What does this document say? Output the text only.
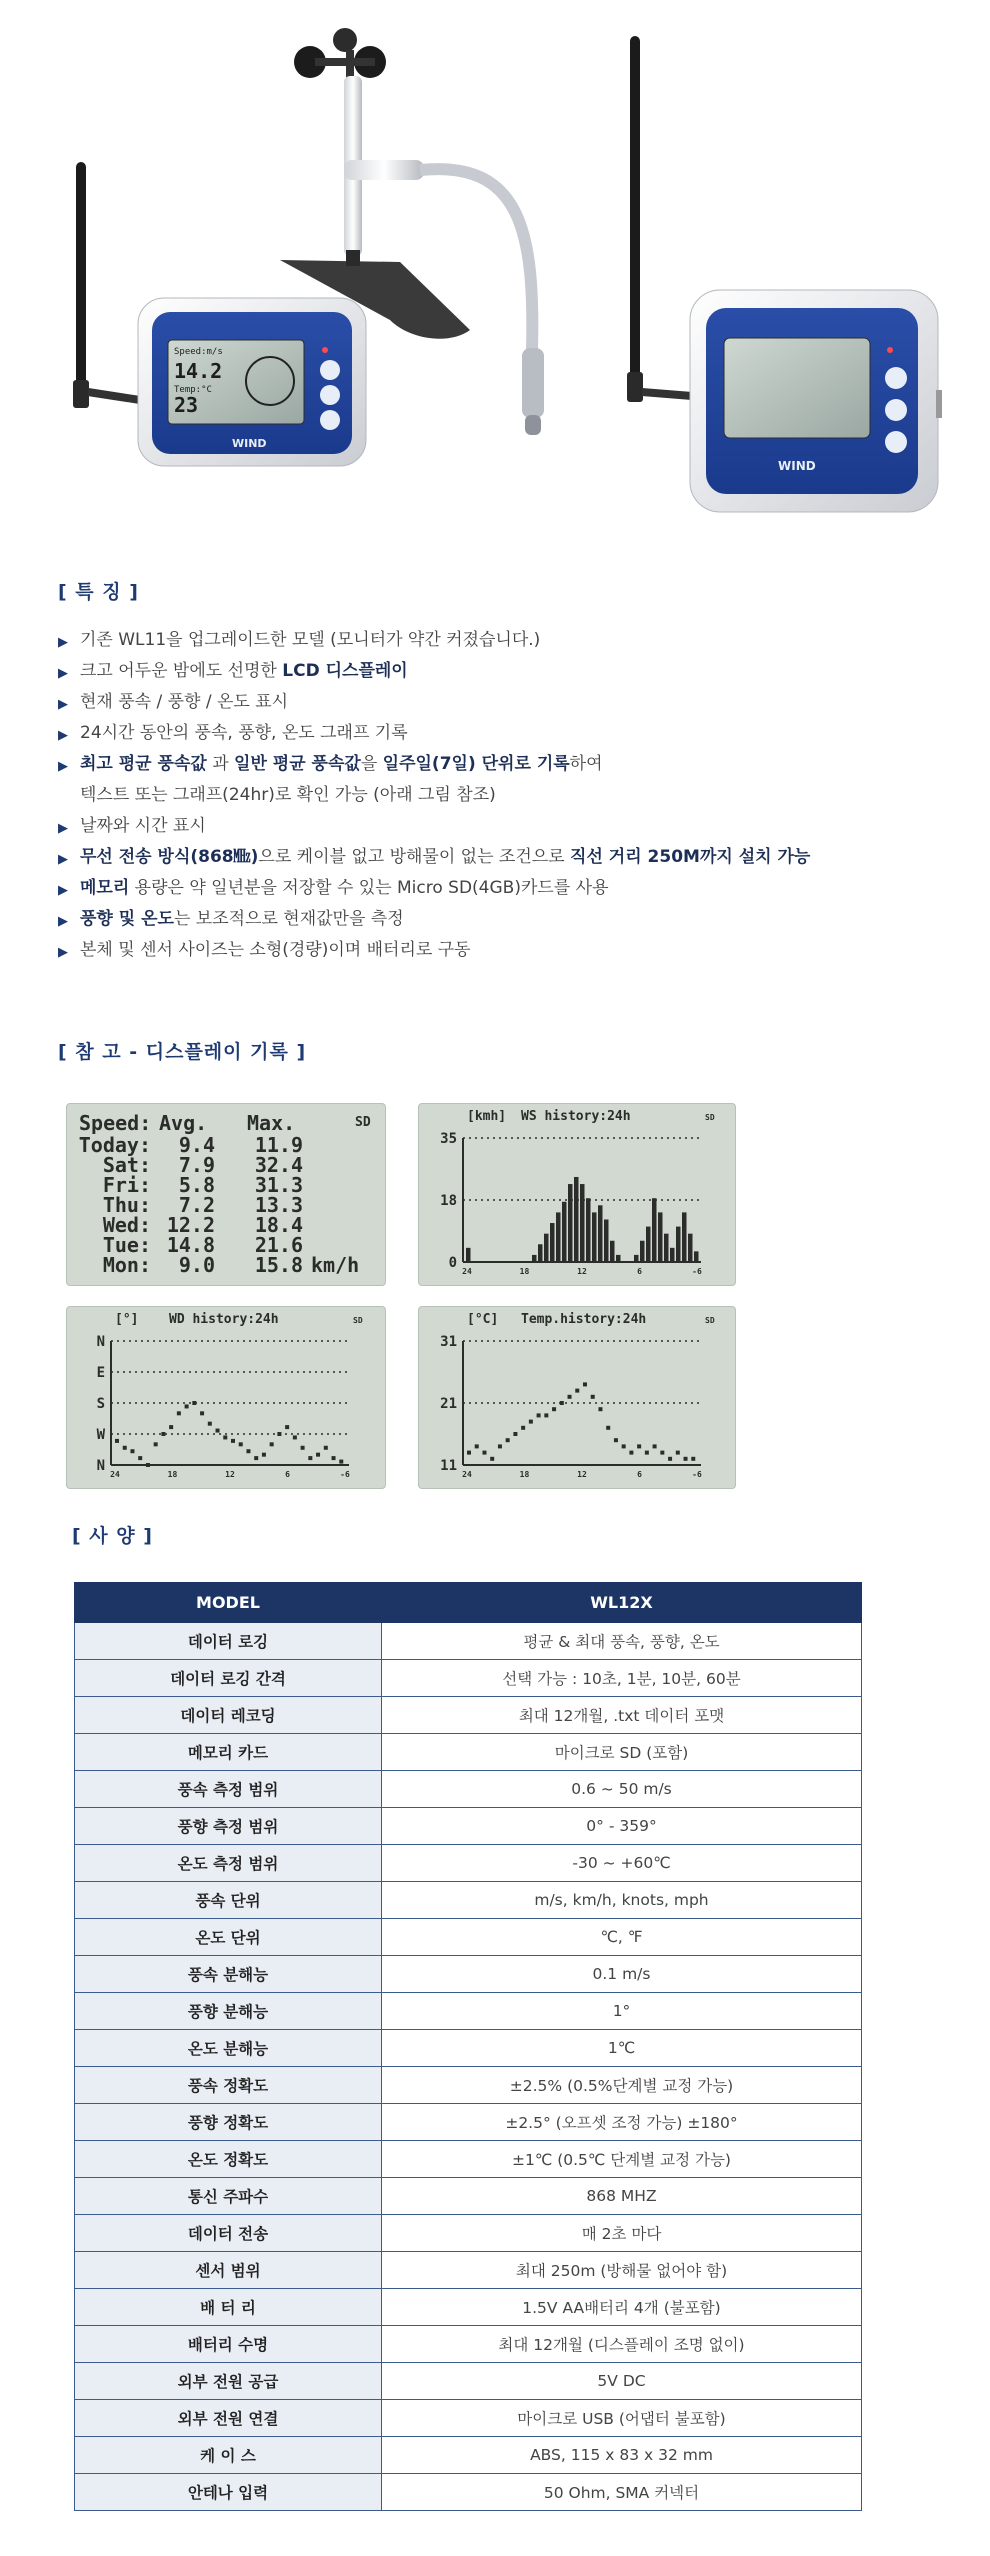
Speed:m/s
14.2
Temp:°C
23
WIND
WIND
[ 특 징 ]
▶ 기존 WL11을 업그레이드한 모델 (모니터가 약간 커졌습니다.)
▶ 크고 어두운 밤에도 선명한 LCD 디스플레이
▶ 현재 풍속 / 풍향 / 온도 표시
▶ 24시간 동안의 풍속, 풍향, 온도 그래프 기록
▶ 최고 평균 풍속값 과 일반 평균 풍속값을 일주일(7일) 단위로 기록하여
텍스트 또는 그래프(24hr)로 확인 가능 (아래 그림 참조)
▶ 날짜와 시간 표시
▶ 무선 전송 방식(868㎒)으로 케이블 없고 방해물이 없는 조건으로 직선 거리 250M까지 설치 가능
▶ 메모리 용량은 약 일년분을 저장할 수 있는 Micro SD(4GB)카드를 사용
▶ 풍향 및 온도는 보조적으로 현재값만을 측정
▶ 본체 및 센서 사이즈는 소형(경량)이며 배터리로 구동
[ 참 고 - 디스플레이 기록 ]
Speed: Avg. Max.	SD
Today: 9.4 11.9
Sat: 7.9 32.4
Fri: 5.8 31.3
Thu: 7.2 13.3
Wed: 12.2 18.4
Tue: 14.8 21.6
Mon: 9.0 15.8 km/h
[kmh] WS history:24h	SD
35
18
0
24	18	12	6	-6
[°] WD history:24h	SD
N
E
S
W
N
24	18	12	6	-6
[°C] Temp.history:24h	SD
31
21
11
24	18	12	6	-6
[ 사 양 ]
MODEL	WL12X
데이터 로깅	평균 & 최대 풍속, 풍향, 온도
데이터 로깅 간격	선택 가능 : 10초, 1분, 10분, 60분
데이터 레코딩	최대 12개월, .txt 데이터 포맷
메모리 카드	마이크로 SD (포함)
풍속 측정 범위	0.6 ~ 50 m/s
풍향 측정 범위	0° - 359°
온도 측정 범위	-30 ~ +60℃
풍속 단위	m/s, km/h, knots, mph
온도 단위	℃, ℉
풍속 분해능	0.1 m/s
풍향 분해능	1°
온도 분해능	1℃
풍속 정확도	±2.5% (0.5%단계별 교정 가능)
풍향 정확도	±2.5° (오프셋 조정 가능) ±180°
온도 정확도	±1℃ (0.5℃ 단계별 교정 가능)
통신 주파수	868 MHZ
데이터 전송	매 2초 마다
센서 범위	최대 250m (방해물 없어야 함)
배 터 리	1.5V AA배터리 4개 (불포함)
배터리 수명	최대 12개월 (디스플레이 조명 없이)
외부 전원 공급	5V DC
외부 전원 연결	마이크로 USB (어댑터 불포함)
케 이 스	ABS, 115 x 83 x 32 mm
안테나 입력	50 Ohm, SMA 커넥터
